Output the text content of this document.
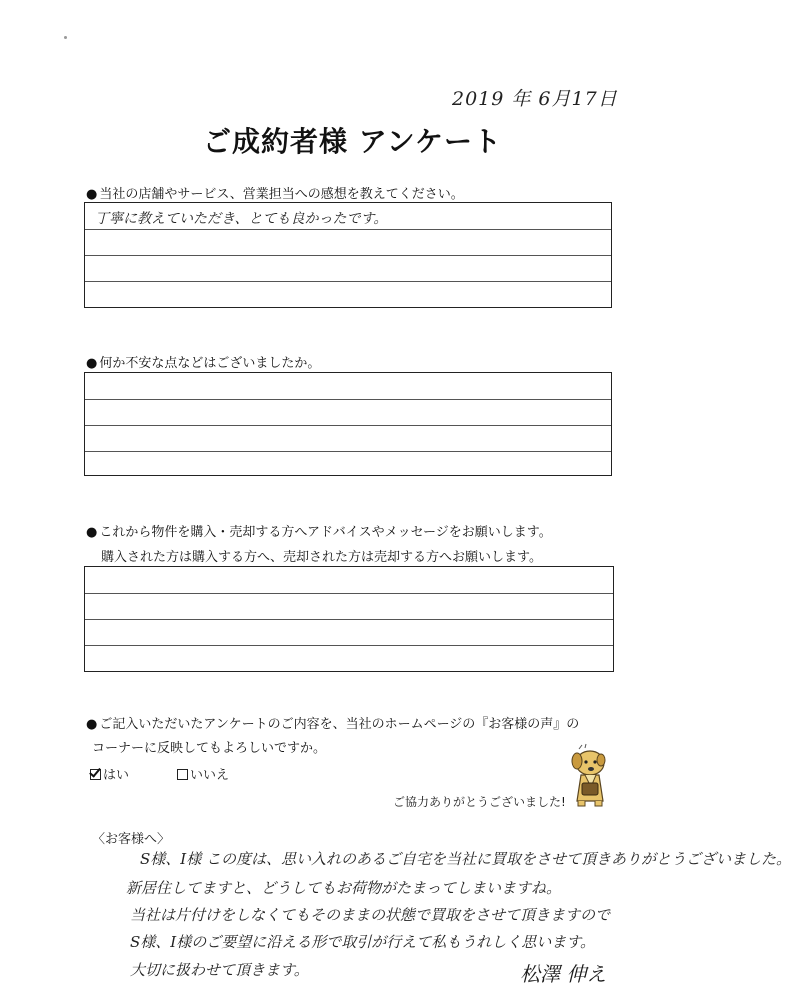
2019 年 6月17日
ご成約者様 アンケート
● 当社の店舗やサービス、営業担当への感想を教えてください。
丁寧に教えていただき、とても良かったです。
● 何か不安な点などはございましたか。
● これから物件を購入・売却する方へアドバイスやメッセージをお願いします。
購入された方は購入する方へ、売却された方は売却する方へお願いします。
● ご記入いただいたアンケートのご内容を、当社のホームページの『お客様の声』の
コーナーに反映してもよろしいですか。
はい	いいえ
ご協力ありがとうございました!
〈お客様へ〉
S様、I様 この度は、思い入れのあるご自宅を当社に買取をさせて頂きありがとうございました。
新居住してますと、どうしてもお荷物がたまってしまいますね。
当社は片付けをしなくてもそのままの状態で買取をさせて頂きますので
S様、I様のご要望に沿える形で取引が行えて私もうれしく思います。
大切に扱わせて頂きます。	松澤 伸え
